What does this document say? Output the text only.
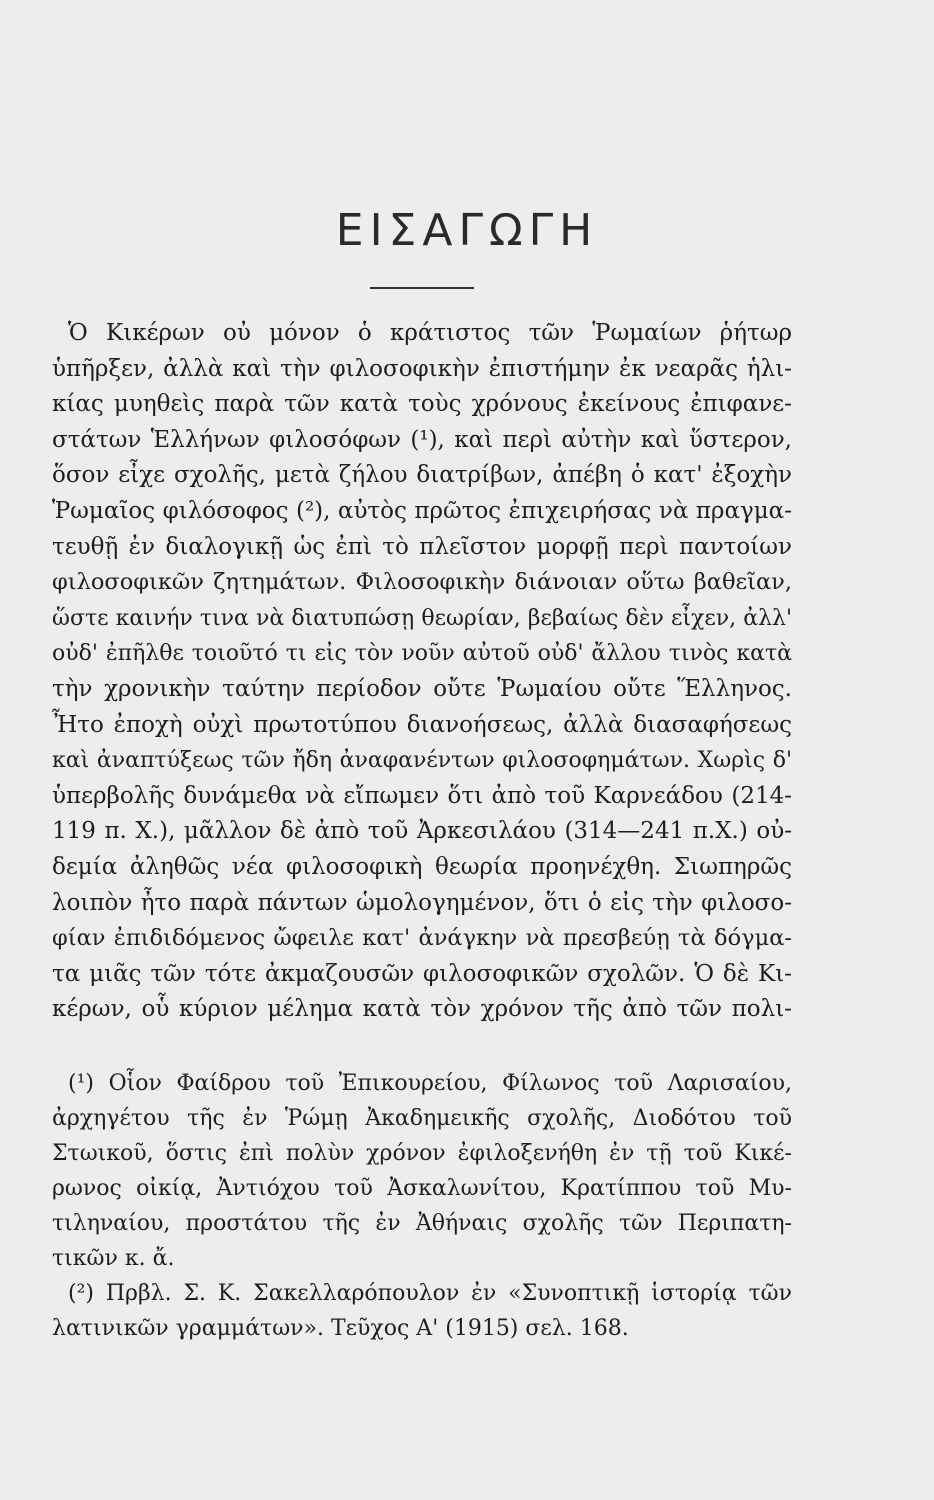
ΕΙΣΑΓΩΓΗ
Ὁ Κικέρων οὐ μόνον ὁ κράτιστος τῶν Ῥωμαίων ῥήτωρ
ὑπῆρξεν, ἀλλὰ καὶ τὴν φιλοσοφικὴν ἐπιστήμην ἐκ νεαρᾶς ἡλι-
κίας μυηθεὶς παρὰ τῶν κατὰ τοὺς χρόνους ἐκείνους ἐπιφανε-
στάτων Ἑλλήνων φιλοσόφων (¹), καὶ περὶ αὐτὴν καὶ ὕστερον,
ὅσον εἶχε σχολῆς, μετὰ ζήλου διατρίβων, ἀπέβη ὁ κατ' ἐξοχὴν
Ῥωμαῖος φιλόσοφος (²), αὐτὸς πρῶτος ἐπιχειρήσας νὰ πραγμα-
τευθῇ ἐν διαλογικῇ ὡς ἐπὶ τὸ πλεῖστον μορφῇ περὶ παντοίων
φιλοσοφικῶν ζητημάτων. Φιλοσοφικὴν διάνοιαν οὕτω βαθεῖαν,
ὥστε καινήν τινα νὰ διατυπώσῃ θεωρίαν, βεβαίως δὲν εἶχεν, ἀλλ'
οὐδ' ἐπῆλθε τοιοῦτό τι εἰς τὸν νοῦν αὐτοῦ οὐδ' ἄλλου τινὸς κατὰ
τὴν χρονικὴν ταύτην περίοδον οὔτε Ῥωμαίου οὔτε Ἕλληνος.
Ἦτο ἐποχὴ οὐχὶ πρωτοτύπου διανοήσεως, ἀλλὰ διασαφήσεως
καὶ ἀναπτύξεως τῶν ἤδη ἀναφανέντων φιλοσοφημάτων. Χωρὶς δ'
ὑπερβολῆς δυνάμεθα νὰ εἴπωμεν ὅτι ἀπὸ τοῦ Καρνεάδου (214-
119 π. Χ.), μᾶλλον δὲ ἀπὸ τοῦ Ἀρκεσιλάου (314—241 π.Χ.) οὐ-
δεμία ἀληθῶς νέα φιλοσοφικὴ θεωρία προηνέχθη. Σιωπηρῶς
λοιπὸν ἦτο παρὰ πάντων ὡμολογημένον, ὅτι ὁ εἰς τὴν φιλοσο-
φίαν ἐπιδιδόμενος ὤφειλε κατ' ἀνάγκην νὰ πρεσβεύῃ τὰ δόγμα-
τα μιᾶς τῶν τότε ἀκμαζουσῶν φιλοσοφικῶν σχολῶν. Ὁ δὲ Κι-
κέρων, οὗ κύριον μέλημα κατὰ τὸν χρόνον τῆς ἀπὸ τῶν πολι-
(¹) Οἷον Φαίδρου τοῦ Ἐπικουρείου, Φίλωνος τοῦ Λαρισαίου,
ἀρχηγέτου τῆς ἐν Ῥώμῃ Ἀκαδημεικῆς σχολῆς, Διοδότου τοῦ
Στωικοῦ, ὅστις ἐπὶ πολὺν χρόνον ἐφιλοξενήθη ἐν τῇ τοῦ Κικέ-
ρωνος οἰκίᾳ, Ἀντιόχου τοῦ Ἀσκαλωνίτου, Κρατίππου τοῦ Μυ-
τιληναίου, προστάτου τῆς ἐν Ἀθήναις σχολῆς τῶν Περιπατη-
τικῶν κ. ἄ.
(²) Πρβλ. Σ. Κ. Σακελλαρόπουλον ἐν «Συνοπτικῇ ἱστορίᾳ τῶν
λατινικῶν γραμμάτων». Τεῦχος Α' (1915) σελ. 168.
